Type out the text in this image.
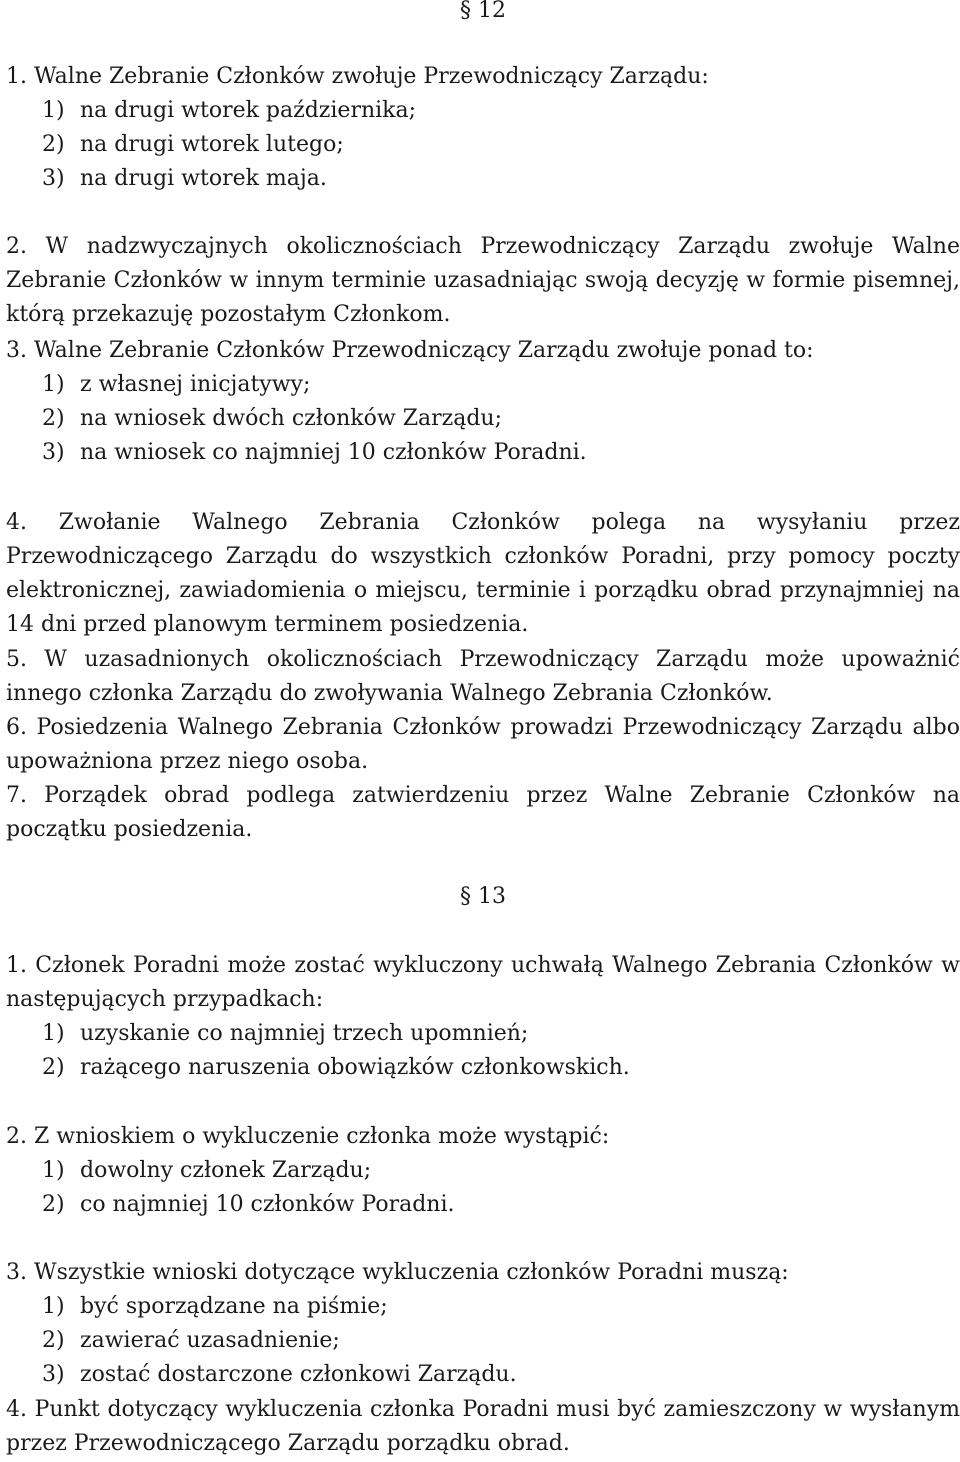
§ 12
1. Walne Zebranie Członków zwołuje Przewodniczący Zarządu:
1) na drugi wtorek października;
2) na drugi wtorek lutego;
3) na drugi wtorek maja.
2. W nadzwyczajnych okolicznościach Przewodniczący Zarządu zwołuje Walne Zebranie Członków w innym terminie uzasadniając swoją decyzję w formie pisemnej, którą przekazuję pozostałym Członkom.
3. Walne Zebranie Członków Przewodniczący Zarządu zwołuje ponad to:
1) z własnej inicjatywy;
2) na wniosek dwóch członków Zarządu;
3) na wniosek co najmniej 10 członków Poradni.
4. Zwołanie Walnego Zebrania Członków polega na wysyłaniu przez Przewodniczącego Zarządu do wszystkich członków Poradni, przy pomocy poczty elektronicznej, zawiadomienia o miejscu, terminie i porządku obrad przynajmniej na 14 dni przed planowym terminem posiedzenia.
5. W uzasadnionych okolicznościach Przewodniczący Zarządu może upoważnić innego członka Zarządu do zwoływania Walnego Zebrania Członków.
6. Posiedzenia Walnego Zebrania Członków prowadzi Przewodniczący Zarządu albo upoważniona przez niego osoba.
7. Porządek obrad podlega zatwierdzeniu przez Walne Zebranie Członków na początku posiedzenia.
§ 13
1. Członek Poradni może zostać wykluczony uchwałą Walnego Zebrania Członków w następujących przypadkach:
1) uzyskanie co najmniej trzech upomnień;
2) rażącego naruszenia obowiązków członkowskich.
2. Z wnioskiem o wykluczenie członka może wystąpić:
1) dowolny członek Zarządu;
2) co najmniej 10 członków Poradni.
3. Wszystkie wnioski dotyczące wykluczenia członków Poradni muszą:
1) być sporządzane na piśmie;
2) zawierać uzasadnienie;
3) zostać dostarczone członkowi Zarządu.
4. Punkt dotyczący wykluczenia członka Poradni musi być zamieszczony w wysłanym przez Przewodniczącego Zarządu porządku obrad.
